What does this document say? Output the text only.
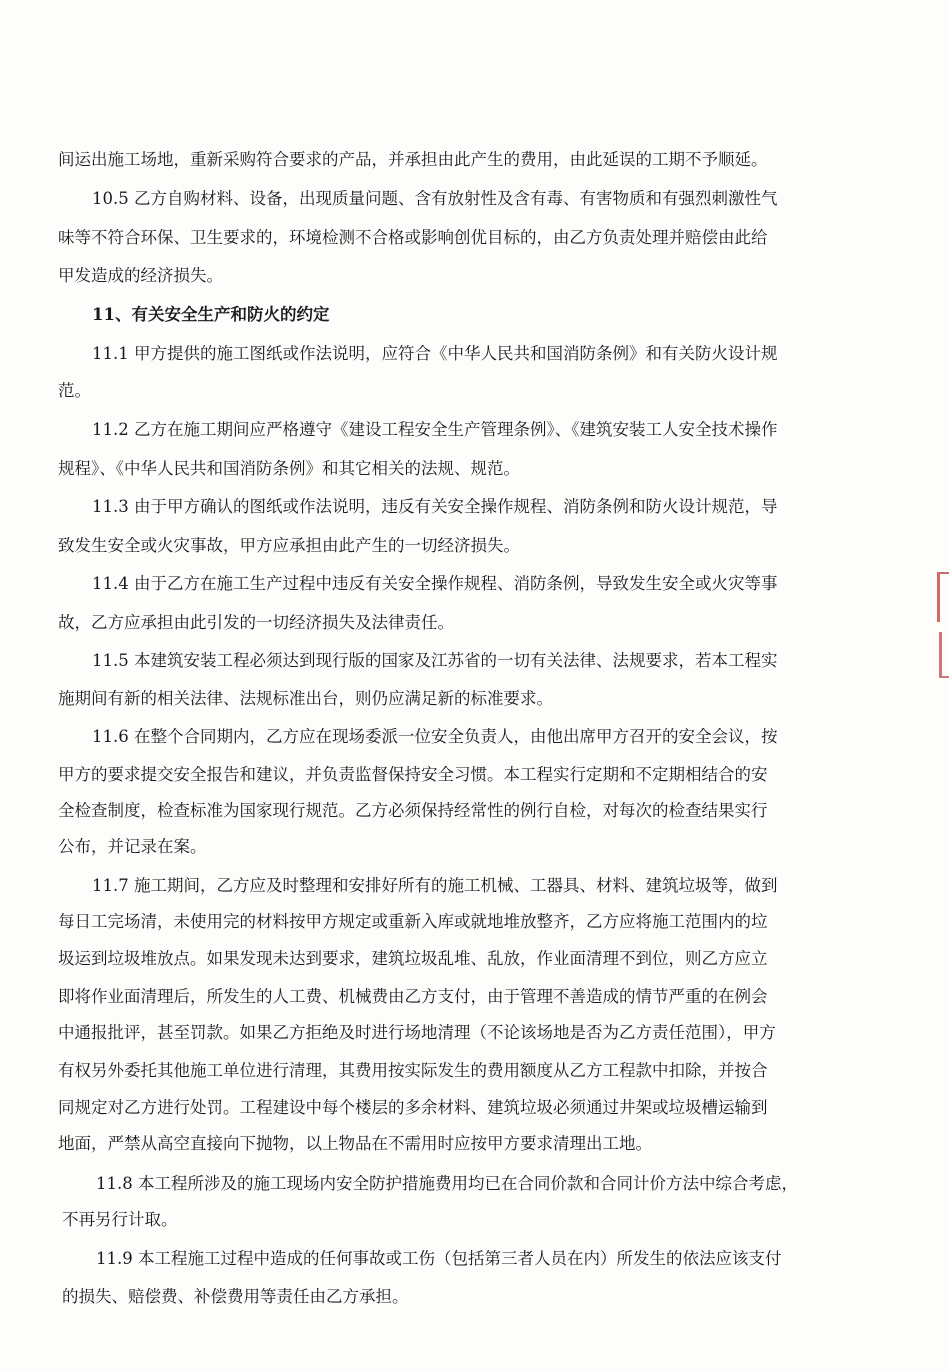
间运出施工场地，重新采购符合要求的产品，并承担由此产生的费用，由此延误的工期不予顺延。
10.5 乙方自购材料、设备，出现质量问题、含有放射性及含有毒、有害物质和有强烈刺激性气
味等不符合环保、卫生要求的，环境检测不合格或影响创优目标的，由乙方负责处理并赔偿由此给
甲发造成的经济损失。
11、有关安全生产和防火的约定
11.1 甲方提供的施工图纸或作法说明，应符合《中华人民共和国消防条例》和有关防火设计规
范。
11.2 乙方在施工期间应严格遵守《建设工程安全生产管理条例》、《建筑安装工人安全技术操作
规程》、《中华人民共和国消防条例》和其它相关的法规、规范。
11.3 由于甲方确认的图纸或作法说明，违反有关安全操作规程、消防条例和防火设计规范，导
致发生安全或火灾事故，甲方应承担由此产生的一切经济损失。
11.4 由于乙方在施工生产过程中违反有关安全操作规程、消防条例，导致发生安全或火灾等事
故，乙方应承担由此引发的一切经济损失及法律责任。
11.5 本建筑安装工程必须达到现行版的国家及江苏省的一切有关法律、法规要求，若本工程实
施期间有新的相关法律、法规标准出台，则仍应满足新的标准要求。
11.6 在整个合同期内，乙方应在现场委派一位安全负责人，由他出席甲方召开的安全会议，按
甲方的要求提交安全报告和建议，并负责监督保持安全习惯。本工程实行定期和不定期相结合的安
全检查制度，检查标准为国家现行规范。乙方必须保持经常性的例行自检，对每次的检查结果实行
公布，并记录在案。
11.7 施工期间，乙方应及时整理和安排好所有的施工机械、工器具、材料、建筑垃圾等，做到
每日工完场清，未使用完的材料按甲方规定或重新入库或就地堆放整齐，乙方应将施工范围内的垃
圾运到垃圾堆放点。如果发现未达到要求，建筑垃圾乱堆、乱放，作业面清理不到位，则乙方应立
即将作业面清理后，所发生的人工费、机械费由乙方支付，由于管理不善造成的情节严重的在例会
中通报批评，甚至罚款。如果乙方拒绝及时进行场地清理（不论该场地是否为乙方责任范围），甲方
有权另外委托其他施工单位进行清理，其费用按实际发生的费用额度从乙方工程款中扣除，并按合
同规定对乙方进行处罚。工程建设中每个楼层的多余材料、建筑垃圾必须通过井架或垃圾槽运输到
地面，严禁从高空直接向下抛物，以上物品在不需用时应按甲方要求清理出工地。
11.8 本工程所涉及的施工现场内安全防护措施费用均已在合同价款和合同计价方法中综合考虑，
不再另行计取。
11.9 本工程施工过程中造成的任何事故或工伤（包括第三者人员在内）所发生的依法应该支付
的损失、赔偿费、补偿费用等责任由乙方承担。
